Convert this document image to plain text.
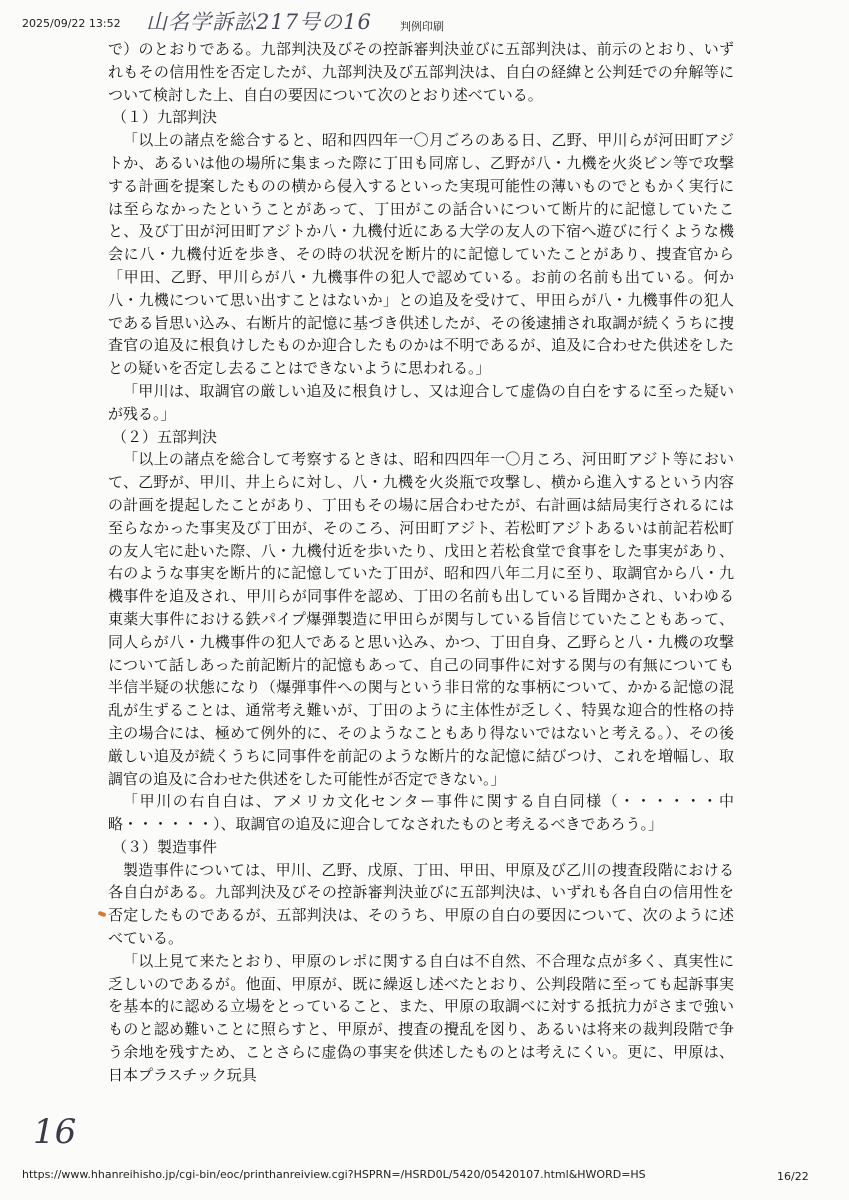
2025/09/22 13:52 山名学訴訟217号の16	判例印刷

で）のとおりである。九部判決及びその控訴審判決並びに五部判決は、前示のとおり、いずれもその信用性を否定したが、九部判決及び五部判決は、自白の経緯と公判廷での弁解等について検討した上、自白の要因について次のとおり述べている。

（１）九部判決

「以上の諸点を総合すると、昭和四四年一〇月ごろのある日、乙野、甲川らが河田町アジトか、あるいは他の場所に集まった際に丁田も同席し、乙野が八・九機を火炎ビン等で攻撃する計画を提案したものの横から侵入するといった実現可能性の薄いものでともかく実行には至らなかったということがあって、丁田がこの話合いについて断片的に記憶していたこと、及び丁田が河田町アジトか八・九機付近にある大学の友人の下宿へ遊びに行くような機会に八・九機付近を歩き、その時の状況を断片的に記憶していたことがあり、捜査官から「甲田、乙野、甲川らが八・九機事件の犯人で認めている。お前の名前も出ている。何か八・九機について思い出すことはないか」との追及を受けて、甲田らが八・九機事件の犯人である旨思い込み、右断片的記憶に基づき供述したが、その後逮捕され取調が続くうちに捜査官の追及に根負けしたものか迎合したものかは不明であるが、追及に合わせた供述をしたとの疑いを否定し去ることはできないように思われる。」

「甲川は、取調官の厳しい追及に根負けし、又は迎合して虚偽の自白をするに至った疑いが残る。」

（２）五部判決

「以上の諸点を総合して考察するときは、昭和四四年一〇月ころ、河田町アジト等において、乙野が、甲川、井上らに対し、八・九機を火炎瓶で攻撃し、横から進入するという内容の計画を提起したことがあり、丁田もその場に居合わせたが、右計画は結局実行されるには至らなかった事実及び丁田が、そのころ、河田町アジト、若松町アジトあるいは前記若松町の友人宅に赴いた際、八・九機付近を歩いたり、戊田と若松食堂で食事をした事実があり、右のような事実を断片的に記憶していた丁田が、昭和四八年二月に至り、取調官から八・九機事件を追及され、甲川らが同事件を認め、丁田の名前も出している旨聞かされ、いわゆる東薬大事件における鉄パイプ爆弾製造に甲田らが関与している旨信じていたこともあって、同人らが八・九機事件の犯人であると思い込み、かつ、丁田自身、乙野らと八・九機の攻撃について話しあった前記断片的記憶もあって、自己の同事件に対する関与の有無についても半信半疑の状態になり（爆弾事件への関与という非日常的な事柄について、かかる記憶の混乱が生ずることは、通常考え難いが、丁田のように主体性が乏しく、特異な迎合的性格の持主の場合には、極めて例外的に、そのようなこともあり得ないではないと考える。）、その後厳しい追及が続くうちに同事件を前記のような断片的な記憶に結びつけ、これを増幅し、取調官の追及に合わせた供述をした可能性が否定できない。」

「甲川の右自白は、アメリカ文化センター事件に関する自白同様（・・・・・・中略・・・・・・）、取調官の追及に迎合してなされたものと考えるべきであろう。」

（３）製造事件

製造事件については、甲川、乙野、戊原、丁田、甲田、甲原及び乙川の捜査段階における各自白がある。九部判決及びその控訴審判決並びに五部判決は、いずれも各自白の信用性を否定したものであるが、五部判決は、そのうち、甲原の自白の要因について、次のように述べている。

「以上見て来たとおり、甲原のレポに関する自白は不自然、不合理な点が多く、真実性に乏しいのであるが。他面、甲原が、既に繰返し述べたとおり、公判段階に至っても起訴事実を基本的に認める立場をとっていること、また、甲原の取調べに対する抵抗力がさまで強いものと認め難いことに照らすと、甲原が、捜査の攪乱を図り、あるいは将来の裁判段階で争う余地を残すため、ことさらに虚偽の事実を供述したものとは考えにくい。更に、甲原は、日本プラスチック玩具

16
https://www.hhanreihisho.jp/cgi-bin/eoc/printhanreiview.cgi?HSPRN=/HSRD0L/5420/05420107.html&HWORD=HS	16/22
